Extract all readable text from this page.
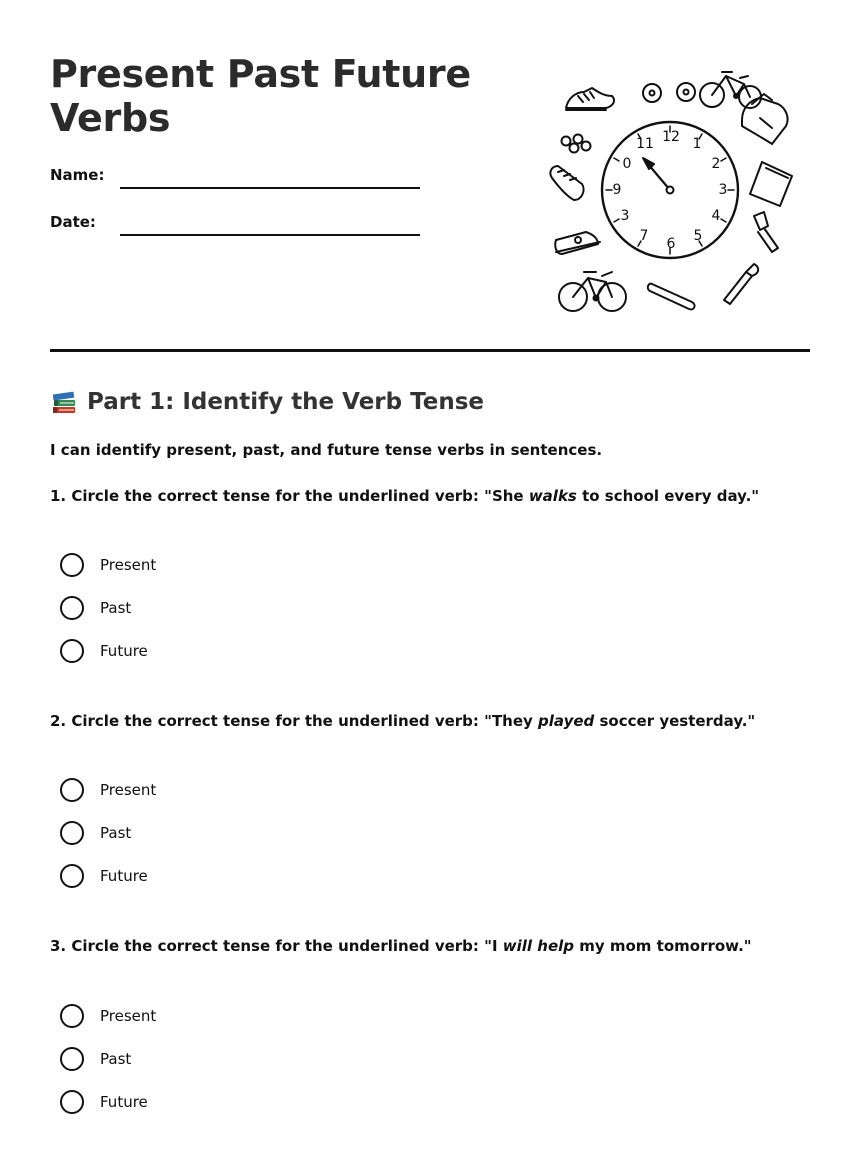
Present Past Future Verbs
Name:
Date:
12 1
2
3
4
5
6
7
3
9
0
11
Part 1: Identify the Verb Tense
I can identify present, past, and future tense verbs in sentences.
1. Circle the correct tense for the underlined verb: "She walks to school every day."
Present
Past
Future
2. Circle the correct tense for the underlined verb: "They played soccer yesterday."
Present
Past
Future
3. Circle the correct tense for the underlined verb: "I will help my mom tomorrow."
Present
Past
Future
